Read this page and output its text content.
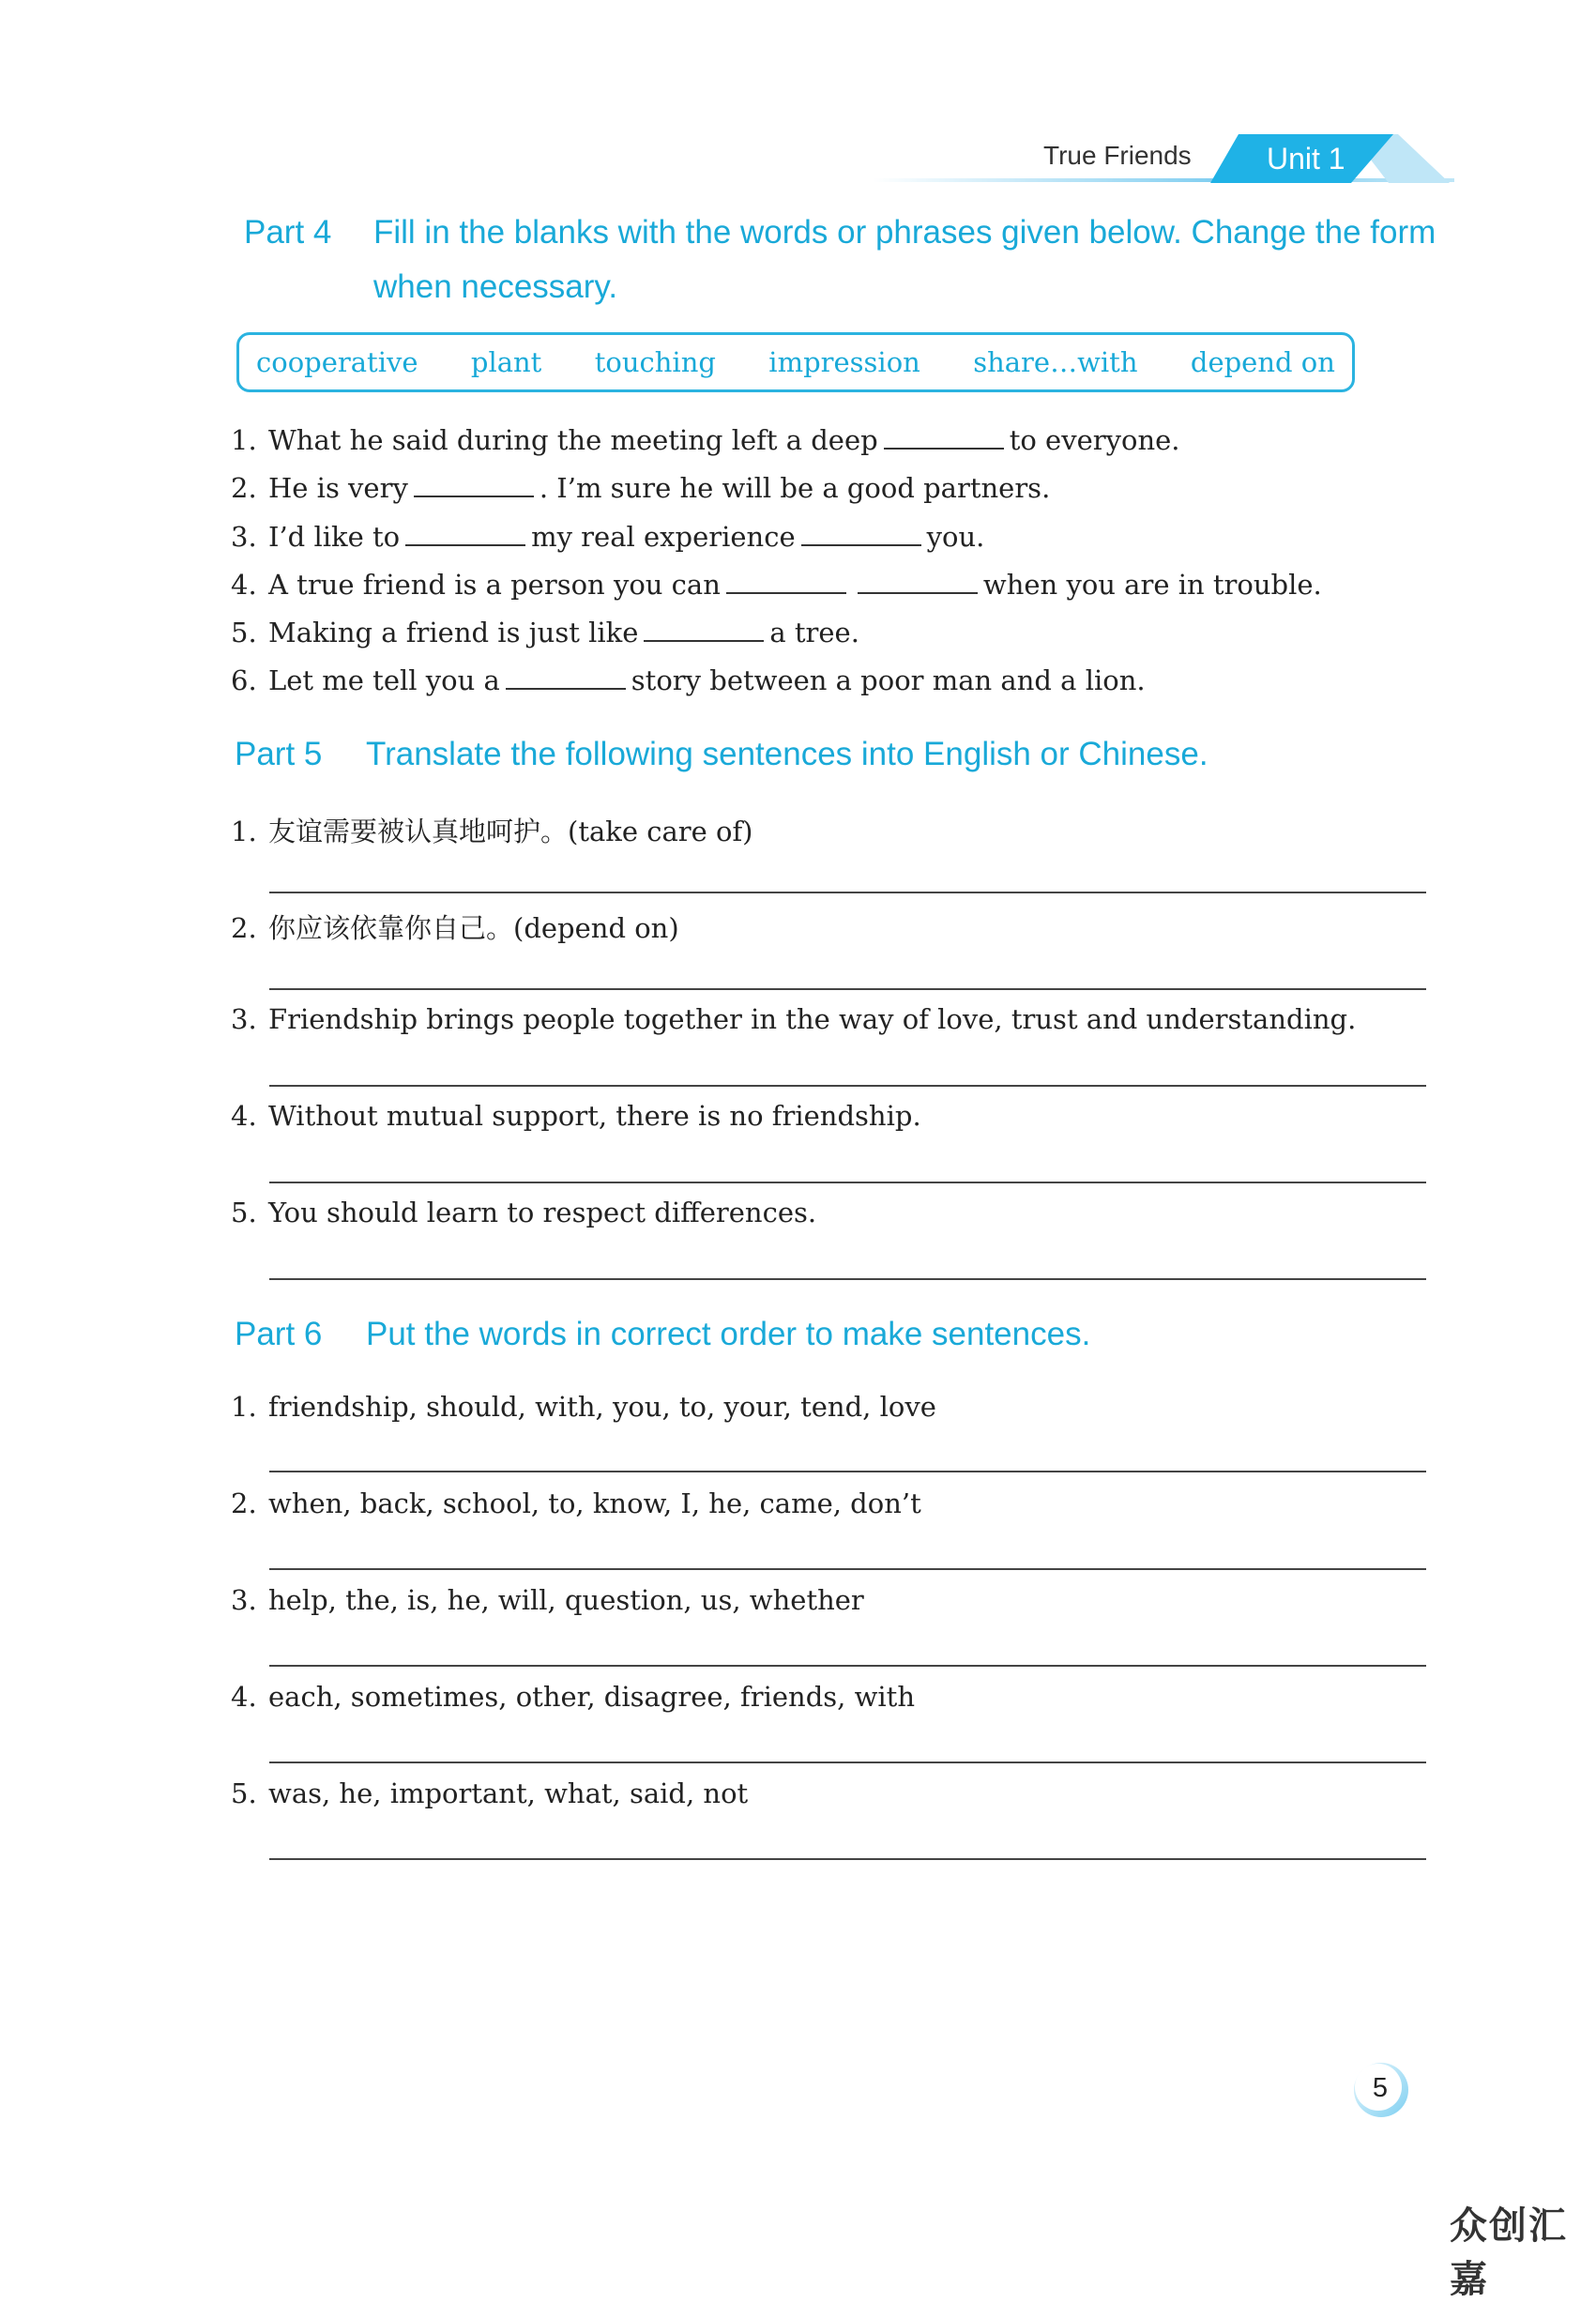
True Friends	Unit 1
Part 4	Fill in the blanks with the words or phrases given below. Change the form when necessary.
cooperative plant touching impression share…with depend on
1. What he said during the meeting left a deep	to everyone.
2. He is very	. I’m sure he will be a good partners.
3. I’d like to	my real experience	you.
4. A true friend is a person you can	when you are in trouble.
5. Making a friend is just like	a tree.
6. Let me tell you a	story between a poor man and a lion.
Part 5	Translate the following sentences into English or Chinese.
1. 友谊需要被认真地呵护。(take care of)
2. 你应该依靠你自己。(depend on)
3. Friendship brings people together in the way of love, trust and understanding.
4. Without mutual support, there is no friendship.
5. You should learn to respect differences.
Part 6	Put the words in correct order to make sentences.
1. friendship, should, with, you, to, your, tend, love
2. when, back, school, to, know, I, he, came, don’t
3. help, the, is, he, will, question, us, whether
4. each, sometimes, other, disagree, friends, with
5. was, he, important, what, said, not
5
众创汇嘉
